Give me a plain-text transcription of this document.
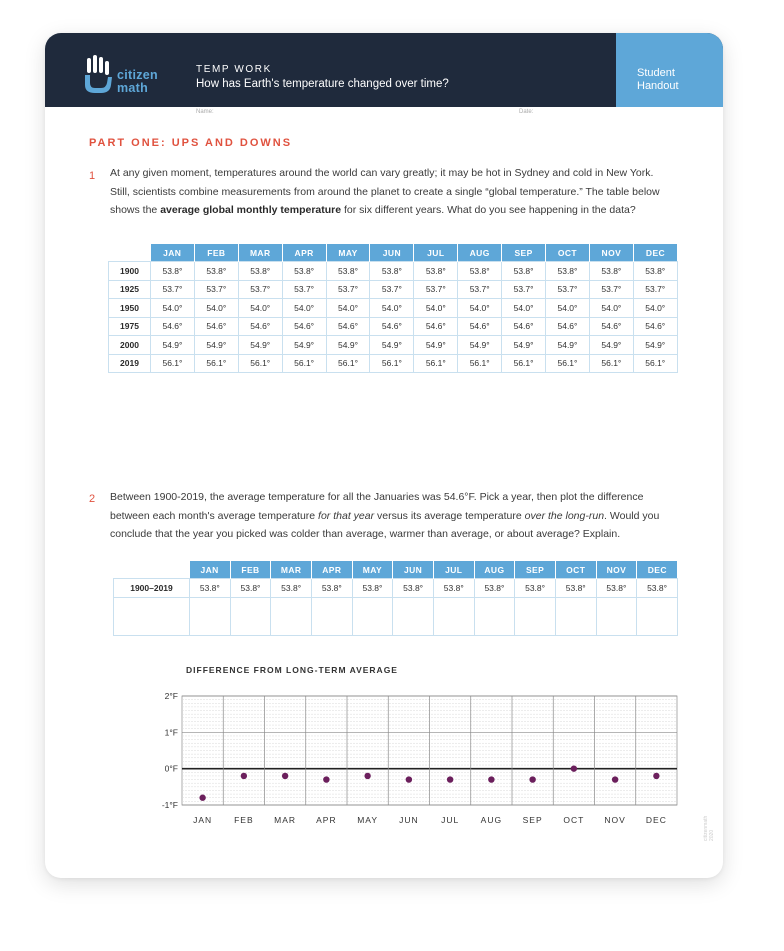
citizen
math
TEMP WORK
How has Earth's temperature changed over time?
Student
Handout
Name:	Date:
PART ONE: UPS AND DOWNS
1 At any given moment, temperatures around the world can vary greatly; it may be hot in Sydney and cold in New York.
Still, scientists combine measurements from around the planet to create a single “global temperature.” The table below
shows the average global monthly temperature for six different years. What do you see happening in the data?
	JAN	FEB	MAR	APR	MAY	JUN	JUL	AUG	SEP	OCT	NOV	DEC
1900	53.8°	53.8°	53.8°	53.8°	53.8°	53.8°	53.8°	53.8°	53.8°	53.8°	53.8°	53.8°
1925	53.7°	53.7°	53.7°	53.7°	53.7°	53.7°	53.7°	53.7°	53.7°	53.7°	53.7°	53.7°
1950	54.0°	54.0°	54.0°	54.0°	54.0°	54.0°	54.0°	54.0°	54.0°	54.0°	54.0°	54.0°
1975	54.6°	54.6°	54.6°	54.6°	54.6°	54.6°	54.6°	54.6°	54.6°	54.6°	54.6°	54.6°
2000	54.9°	54.9°	54.9°	54.9°	54.9°	54.9°	54.9°	54.9°	54.9°	54.9°	54.9°	54.9°
2019	56.1°	56.1°	56.1°	56.1°	56.1°	56.1°	56.1°	56.1°	56.1°	56.1°	56.1°	56.1°
2 Between 1900-2019, the average temperature for all the Januaries was 54.6°F. Pick a year, then plot the difference
between each month's average temperature for that year versus its average temperature over the long-run. Would you
conclude that the year you picked was colder than average, warmer than average, or about average? Explain.
	JAN	FEB	MAR	APR	MAY	JUN	JUL	AUG	SEP	OCT	NOV	DEC
1900–2019	53.8°	53.8°	53.8°	53.8°	53.8°	53.8°	53.8°	53.8°	53.8°	53.8°	53.8°	53.8°

2°F
1°F
0°F
-1°F
JAN	FEB MAR APR MAY JUN	JUL	AUG SEP OCT NOV DEC
DIFFERENCE FROM LONG-TERM AVERAGE
citizenmath 2020
